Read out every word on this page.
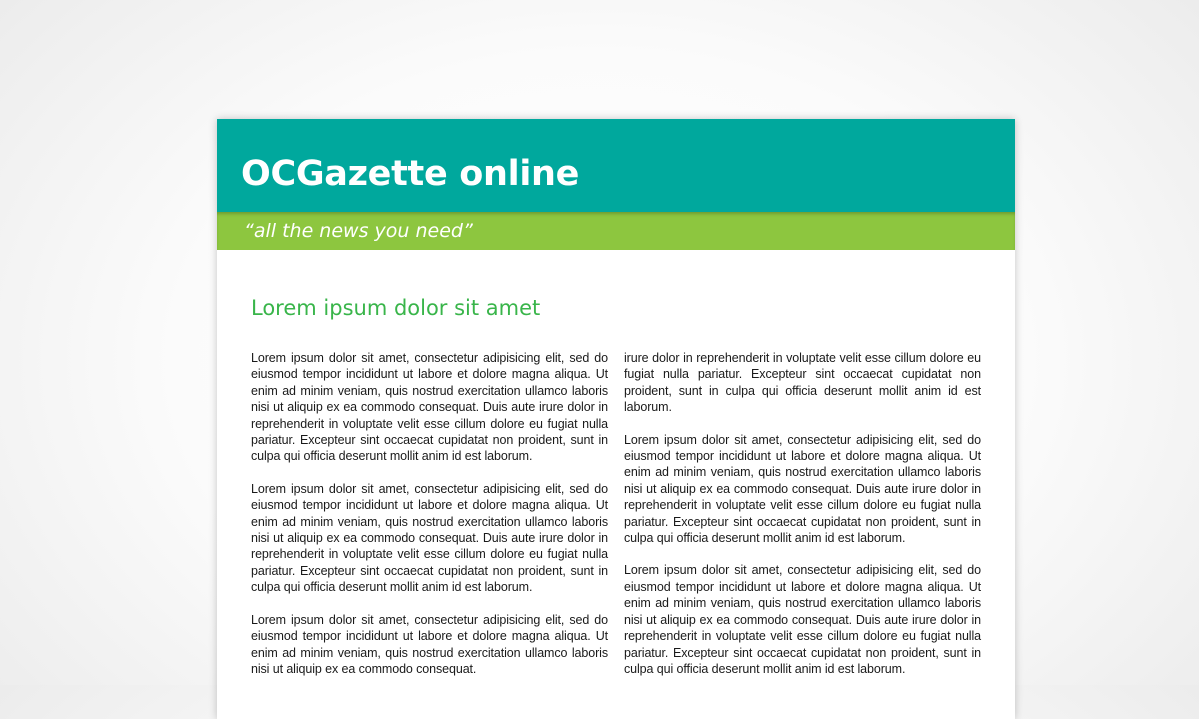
OCGazette online
“all the news you need”
Lorem ipsum dolor sit amet

Lorem ipsum dolor sit amet, consectetur adipisicing elit, sed do eiusmod tempor incididunt ut labore et dolore magna aliqua. Ut enim ad minim veniam, quis nostrud exercitation ullamco laboris nisi ut aliquip ex ea commodo consequat. Duis aute irure dolor in reprehenderit in voluptate velit esse cillum dolore eu fugiat nulla pariatur. Excepteur sint occaecat cupidatat non proident, sunt in culpa qui officia deserunt mollit anim id est laborum.

Lorem ipsum dolor sit amet, consectetur adipisicing elit, sed do eiusmod tempor incididunt ut labore et dolore magna aliqua. Ut enim ad minim veniam, quis nostrud exercitation ullamco laboris nisi ut aliquip ex ea commodo consequat. Duis aute irure dolor in reprehenderit in voluptate velit esse cillum dolore eu fugiat nulla pariatur. Excepteur sint occaecat cupidatat non proident, sunt in culpa qui officia deserunt mollit anim id est laborum.

Lorem ipsum dolor sit amet, consectetur adipisicing elit, sed do eiusmod tempor incididunt ut labore et dolore magna aliqua. Ut enim ad minim veniam, quis nostrud exercitation ullamco laboris nisi ut aliquip ex ea commodo consequat.

irure dolor in reprehenderit in voluptate velit esse cillum dolore eu fugiat nulla pariatur. Excepteur sint occaecat cupidatat non proident, sunt in culpa qui officia deserunt mollit anim id est laborum.

Lorem ipsum dolor sit amet, consectetur adipisicing elit, sed do eiusmod tempor incididunt ut labore et dolore magna aliqua. Ut enim ad minim veniam, quis nostrud exercitation ullamco laboris nisi ut aliquip ex ea commodo consequat. Duis aute irure dolor in reprehenderit in voluptate velit esse cillum dolore eu fugiat nulla pariatur. Excepteur sint occaecat cupidatat non proident, sunt in culpa qui officia deserunt mollit anim id est laborum.

Lorem ipsum dolor sit amet, consectetur adipisicing elit, sed do eiusmod tempor incididunt ut labore et dolore magna aliqua. Ut enim ad minim veniam, quis nostrud exercitation ullamco laboris nisi ut aliquip ex ea commodo consequat. Duis aute irure dolor in reprehenderit in voluptate velit esse cillum dolore eu fugiat nulla pariatur. Excepteur sint occaecat cupidatat non proident, sunt in culpa qui officia deserunt mollit anim id est laborum.
